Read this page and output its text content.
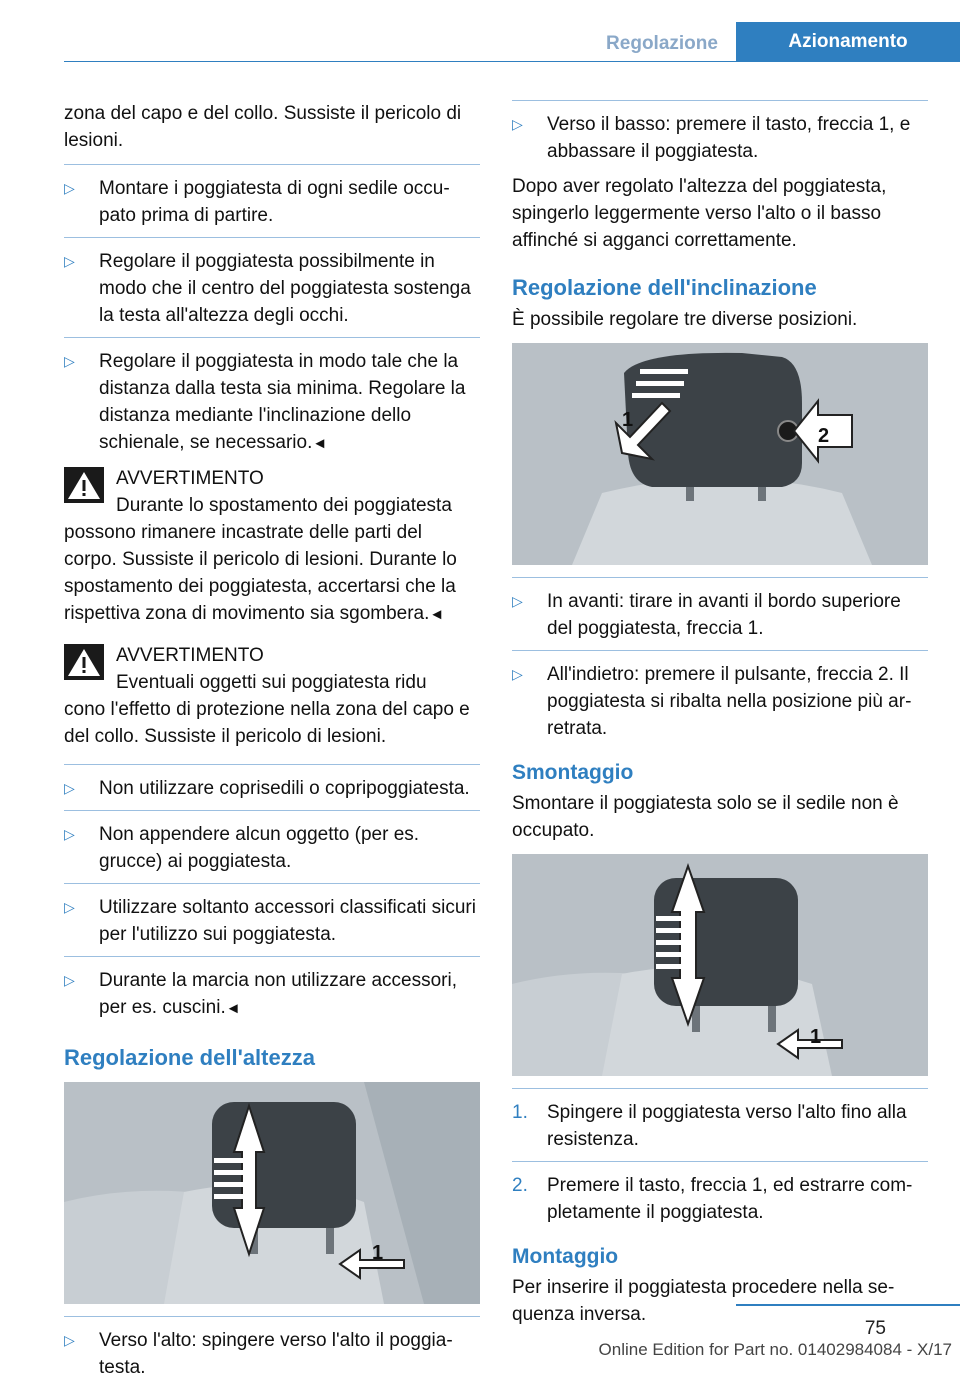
Regolazione	Azionamento

zona del capo e del collo. Sussiste il pericolo di lesioni.

▷ Montare i poggiatesta di ogni sedile occupato prima di partire.
▷ Regolare il poggiatesta possibilmente in modo che il centro del poggiatesta sostenga la testa all'altezza degli occhi.
▷ Regolare il poggiatesta in modo tale che la distanza dalla testa sia minima. Regolare la distanza mediante l'inclinazione dello schienale, se necessario.◄
AVVERTIMENTO
Durante lo spostamento dei poggiatesta
possono rimanere incastrate delle parti del corpo. Sussiste il pericolo di lesioni. Durante lo spostamento dei poggiatesta, accertarsi che la rispettiva zona di movimento sia sgombera.◄
AVVERTIMENTO
Eventuali oggetti sui poggiatesta ridu
cono l'effetto di protezione nella zona del capo e del collo. Sussiste il pericolo di lesioni.
▷ Non utilizzare coprisedili o copripoggiatesta.
▷ Non appendere alcun oggetto (per es. grucce) ai poggiatesta.
▷ Utilizzare soltanto accessori classificati sicuri per l'utilizzo sui poggiatesta.
▷ Durante la marcia non utilizzare accessori, per es. cuscini.◄
Regolazione dell'altezza
1
▷ Verso l'alto: spingere verso l'alto il poggiatesta.
▷ Verso il basso: premere il tasto, freccia 1, e abbassare il poggiatesta.

Dopo aver regolato l'altezza del poggiatesta, spingerlo leggermente verso l'alto o il basso affinché si agganci correttamente.

Regolazione dell'inclinazione

È possibile regolare tre diverse posizioni.

1
2
▷ In avanti: tirare in avanti il bordo superiore del poggiatesta, freccia 1.
▷ All'indietro: premere il pulsante, freccia 2. Il poggiatesta si ribalta nella posizione più arretrata.
Smontaggio

Smontare il poggiatesta solo se il sedile non è occupato.

1
1. Spingere il poggiatesta verso l'alto fino alla resistenza.
2. Premere il tasto, freccia 1, ed estrarre completamente il poggiatesta.
Montaggio

Per inserire il poggiatesta procedere nella sequenza inversa.

75
Online Edition for Part no. 01402984084 - X/17
